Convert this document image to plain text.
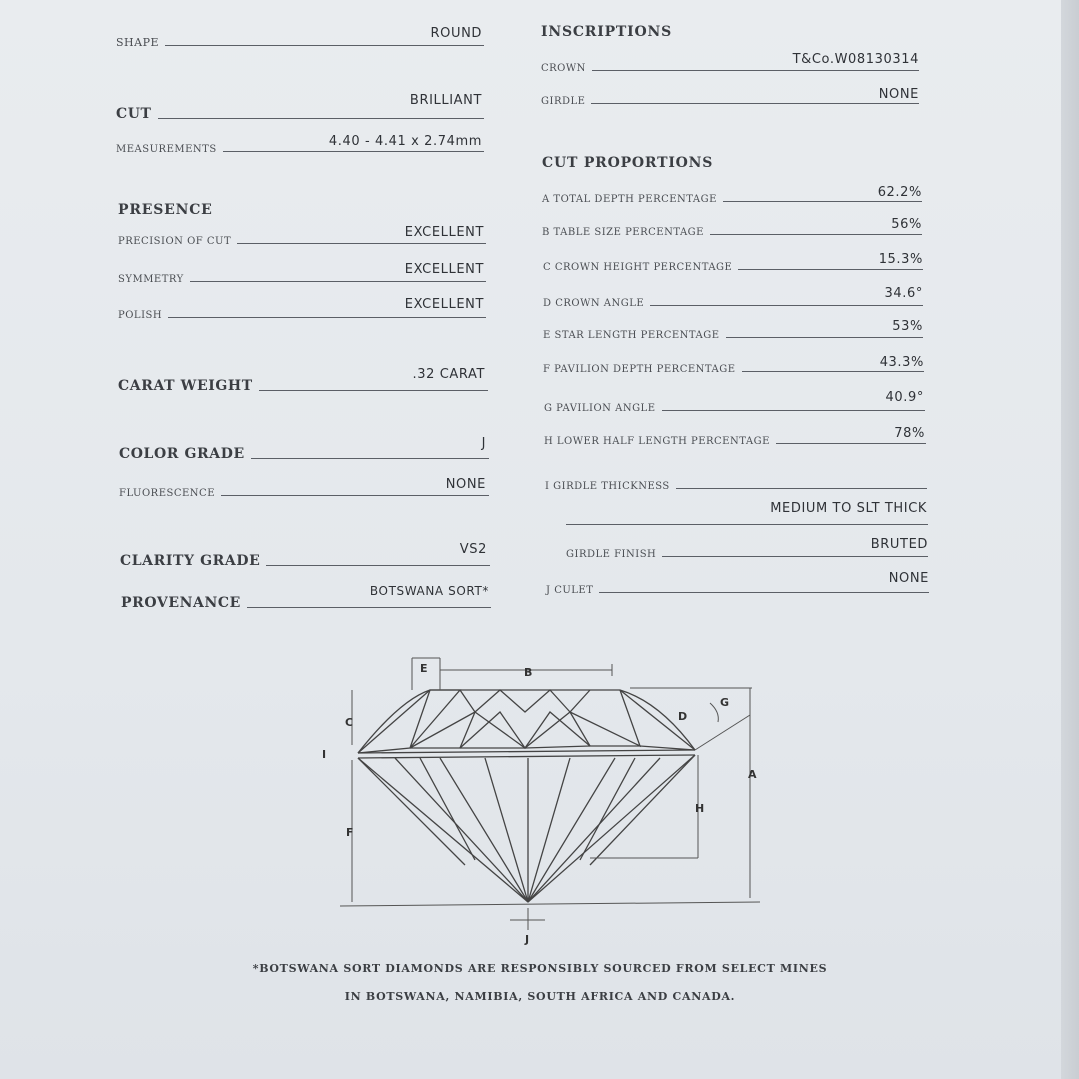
SHAPE
ROUND
CUT
BRILLIANT
MEASUREMENTS
4.40 - 4.41 x 2.74mm
PRESENCE
PRECISION OF CUT
EXCELLENT
SYMMETRY
EXCELLENT
POLISH
EXCELLENT
CARAT WEIGHT
.32 CARAT
COLOR GRADE
J
FLUORESCENCE
NONE
CLARITY GRADE
VS2
PROVENANCE
BOTSWANA SORT*
INSCRIPTIONS
CROWN
T&Co.W08130314
GIRDLE	NONE
CUT PROPORTIONS
A TOTAL DEPTH PERCENTAGE	62.2%
B TABLE SIZE PERCENTAGE
56%
C CROWN HEIGHT PERCENTAGE
15.3%
D CROWN ANGLE
34.6°
E STAR LENGTH PERCENTAGE
53%
F PAVILION DEPTH PERCENTAGE	43.3%
G PAVILION ANGLE
40.9°
H LOWER HALF LENGTH PERCENTAGE
78%
I GIRDLE THICKNESS
MEDIUM TO SLT THICK
GIRDLE FINISH
BRUTED
J CULET
NONE
E	B
C	D
G
I
A
F
H
J
*BOTSWANA SORT DIAMONDS ARE RESPONSIBLY SOURCED FROM SELECT MINES
IN BOTSWANA, NAMIBIA, SOUTH AFRICA AND CANADA.
